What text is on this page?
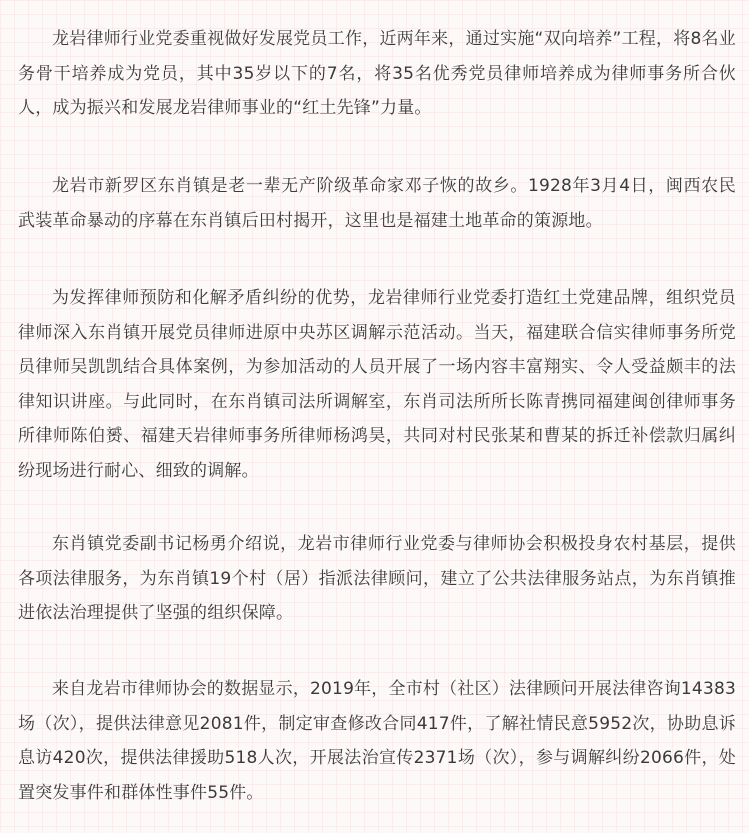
龙岩律师行业党委重视做好发展党员工作，近两年来，通过实施“双向培养”工程，将8名业务骨干培养成为党员，其中35岁以下的7名，将35名优秀党员律师培养成为律师事务所合伙人，成为振兴和发展龙岩律师事业的“红土先锋”力量。

龙岩市新罗区东肖镇是老一辈无产阶级革命家邓子恢的故乡。1928年3月4日，闽西农民武装革命暴动的序幕在东肖镇后田村揭开，这里也是福建土地革命的策源地。

为发挥律师预防和化解矛盾纠纷的优势，龙岩律师行业党委打造红土党建品牌，组织党员律师深入东肖镇开展党员律师进原中央苏区调解示范活动。当天，福建联合信实律师事务所党员律师吴凯凯结合具体案例，为参加活动的人员开展了一场内容丰富翔实、令人受益颇丰的法律知识讲座。与此同时，在东肖镇司法所调解室，东肖司法所所长陈青携同福建闽创律师事务所律师陈伯赟、福建天岩律师事务所律师杨鸿昊，共同对村民张某和曹某的拆迁补偿款归属纠纷现场进行耐心、细致的调解。

东肖镇党委副书记杨勇介绍说，龙岩市律师行业党委与律师协会积极投身农村基层，提供各项法律服务，为东肖镇19个村（居）指派法律顾问，建立了公共法律服务站点，为东肖镇推进依法治理提供了坚强的组织保障。

来自龙岩市律师协会的数据显示，2019年，全市村（社区）法律顾问开展法律咨询14383场（次），提供法律意见2081件，制定审查修改合同417件，了解社情民意5952次，协助息诉息访420次，提供法律援助518人次，开展法治宣传2371场（次），参与调解纠纷2066件，处置突发事件和群体性事件55件。
